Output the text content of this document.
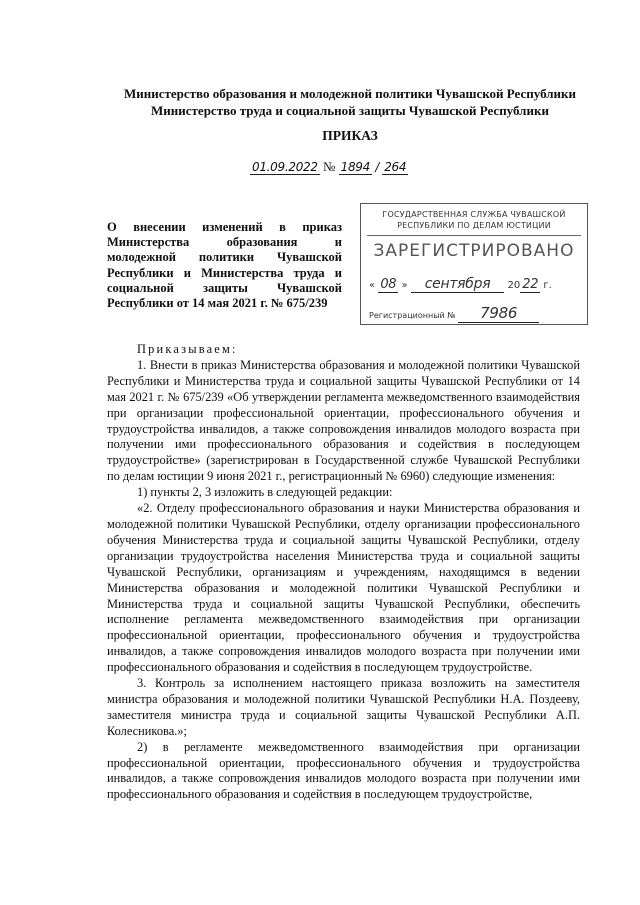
Министерство образования и молодежной политики Чувашской Республики
Министерство труда и социальной защиты Чувашской Республики
ПРИКАЗ
01.09.2022 № 1894 / 264
О внесении изменений в приказ Министерства образования и молодежной политики Чувашской Республики и Министерства труда и социальной защиты Чувашской Республики от 14 мая 2021 г. № 675/239
ГОСУДАРСТВЕННАЯ СЛУЖБА ЧУВАШСКОЙ
РЕСПУБЛИКИ ПО ДЕЛАМ ЮСТИЦИИ
ЗАРЕГИСТРИРОВАНО
« 08 » сентября 20 22 г.
Регистрационный № 7986

Приказываем:

1. Внести в приказ Министерства образования и молодежной политики Чувашской Республики и Министерства труда и социальной защиты Чувашской Республики от 14 мая 2021 г. № 675/239 «Об утверждении регламента межведомственного взаимодействия при организации профессиональной ориентации, профессионального обучения и трудоустройства инвалидов, а также сопровождения инвалидов молодого возраста при получении ими профессионального образования и содействия в последующем трудоустройстве» (зарегистрирован в Государственной службе Чувашской Республики по делам юстиции 9 июня 2021 г., регистрационный № 6960) следующие изменения:

1) пункты 2, 3 изложить в следующей редакции:

«2. Отделу профессионального образования и науки Министерства образования и молодежной политики Чувашской Республики, отделу организации профессионального обучения Министерства труда и социальной защиты Чувашской Республики, отделу организации трудоустройства населения Министерства труда и социальной защиты Чувашской Республики, организациям и учреждениям, находящимся в ведении Министерства образования и молодежной политики Чувашской Республики и Министерства труда и социальной защиты Чувашской Республики, обеспечить исполнение регламента межведомственного взаимодействия при организации профессиональной ориентации, профессионального обучения и трудоустройства инвалидов, а также сопровождения инвалидов молодого возраста при получении ими профессионального образования и содействия в последующем трудоустройстве.

3. Контроль за исполнением настоящего приказа возложить на заместителя министра образования и молодежной политики Чувашской Республики Н.А. Поздееву, заместителя министра труда и социальной защиты Чувашской Республики А.П. Колесникова.»;

2) в регламенте межведомственного взаимодействия при организации профессиональной ориентации, профессионального обучения и трудоустройства инвалидов, а также сопровождения инвалидов молодого возраста при получении ими профессионального образования и содействия в последующем трудоустройстве,
